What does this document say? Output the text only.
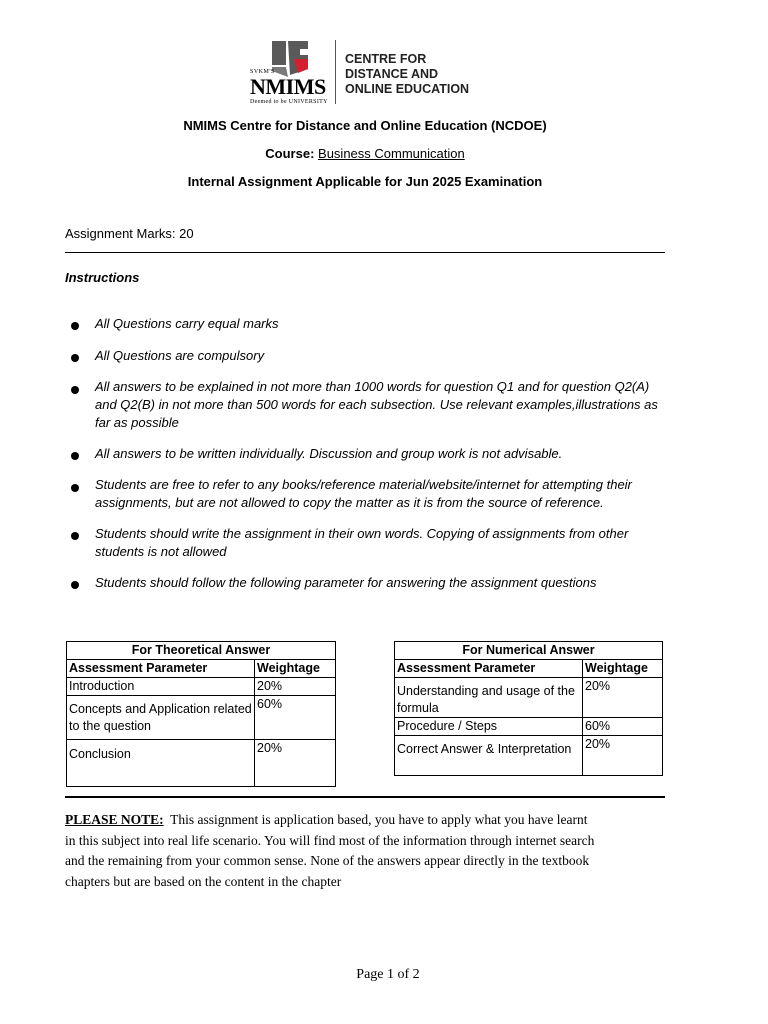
SVKM'S
NMIMS
Deemed to be UNIVERSITY
CENTRE FOR
DISTANCE AND
ONLINE EDUCATION
NMIMS Centre for Distance and Online Education (NCDOE)
Course: Business Communication
Internal Assignment Applicable for Jun 2025 Examination
Assignment Marks: 20
Instructions
All Questions carry equal marks
All Questions are compulsory
All answers to be explained in not more than 1000 words for question Q1 and for question Q2(A) and Q2(B) in not more than 500 words for each subsection. Use relevant examples,illustrations as far as possible
All answers to be written individually. Discussion and group work is not advisable.
Students are free to refer to any books/reference material/website/internet for attempting their assignments, but are not allowed to copy the matter as it is from the source of reference.
Students should write the assignment in their own words. Copying of assignments from other students is not allowed
Students should follow the following parameter for answering the assignment questions
For Theoretical Answer	
Assessment Parameter	Weightage
Introduction	20%
Concepts and Application related to the question	60%
Conclusion	20%
For Numerical Answer	
Assessment Parameter	Weightage
Understanding and usage of the formula	20%
Procedure / Steps	60%
Correct Answer & Interpretation	20%
PLEASE NOTE: This assignment is application based, you have to apply what you have learnt in this subject into real life scenario. You will find most of the information through internet search and the remaining from your common sense. None of the answers appear directly in the textbook chapters but are based on the content in the chapter
Page 1 of 2
